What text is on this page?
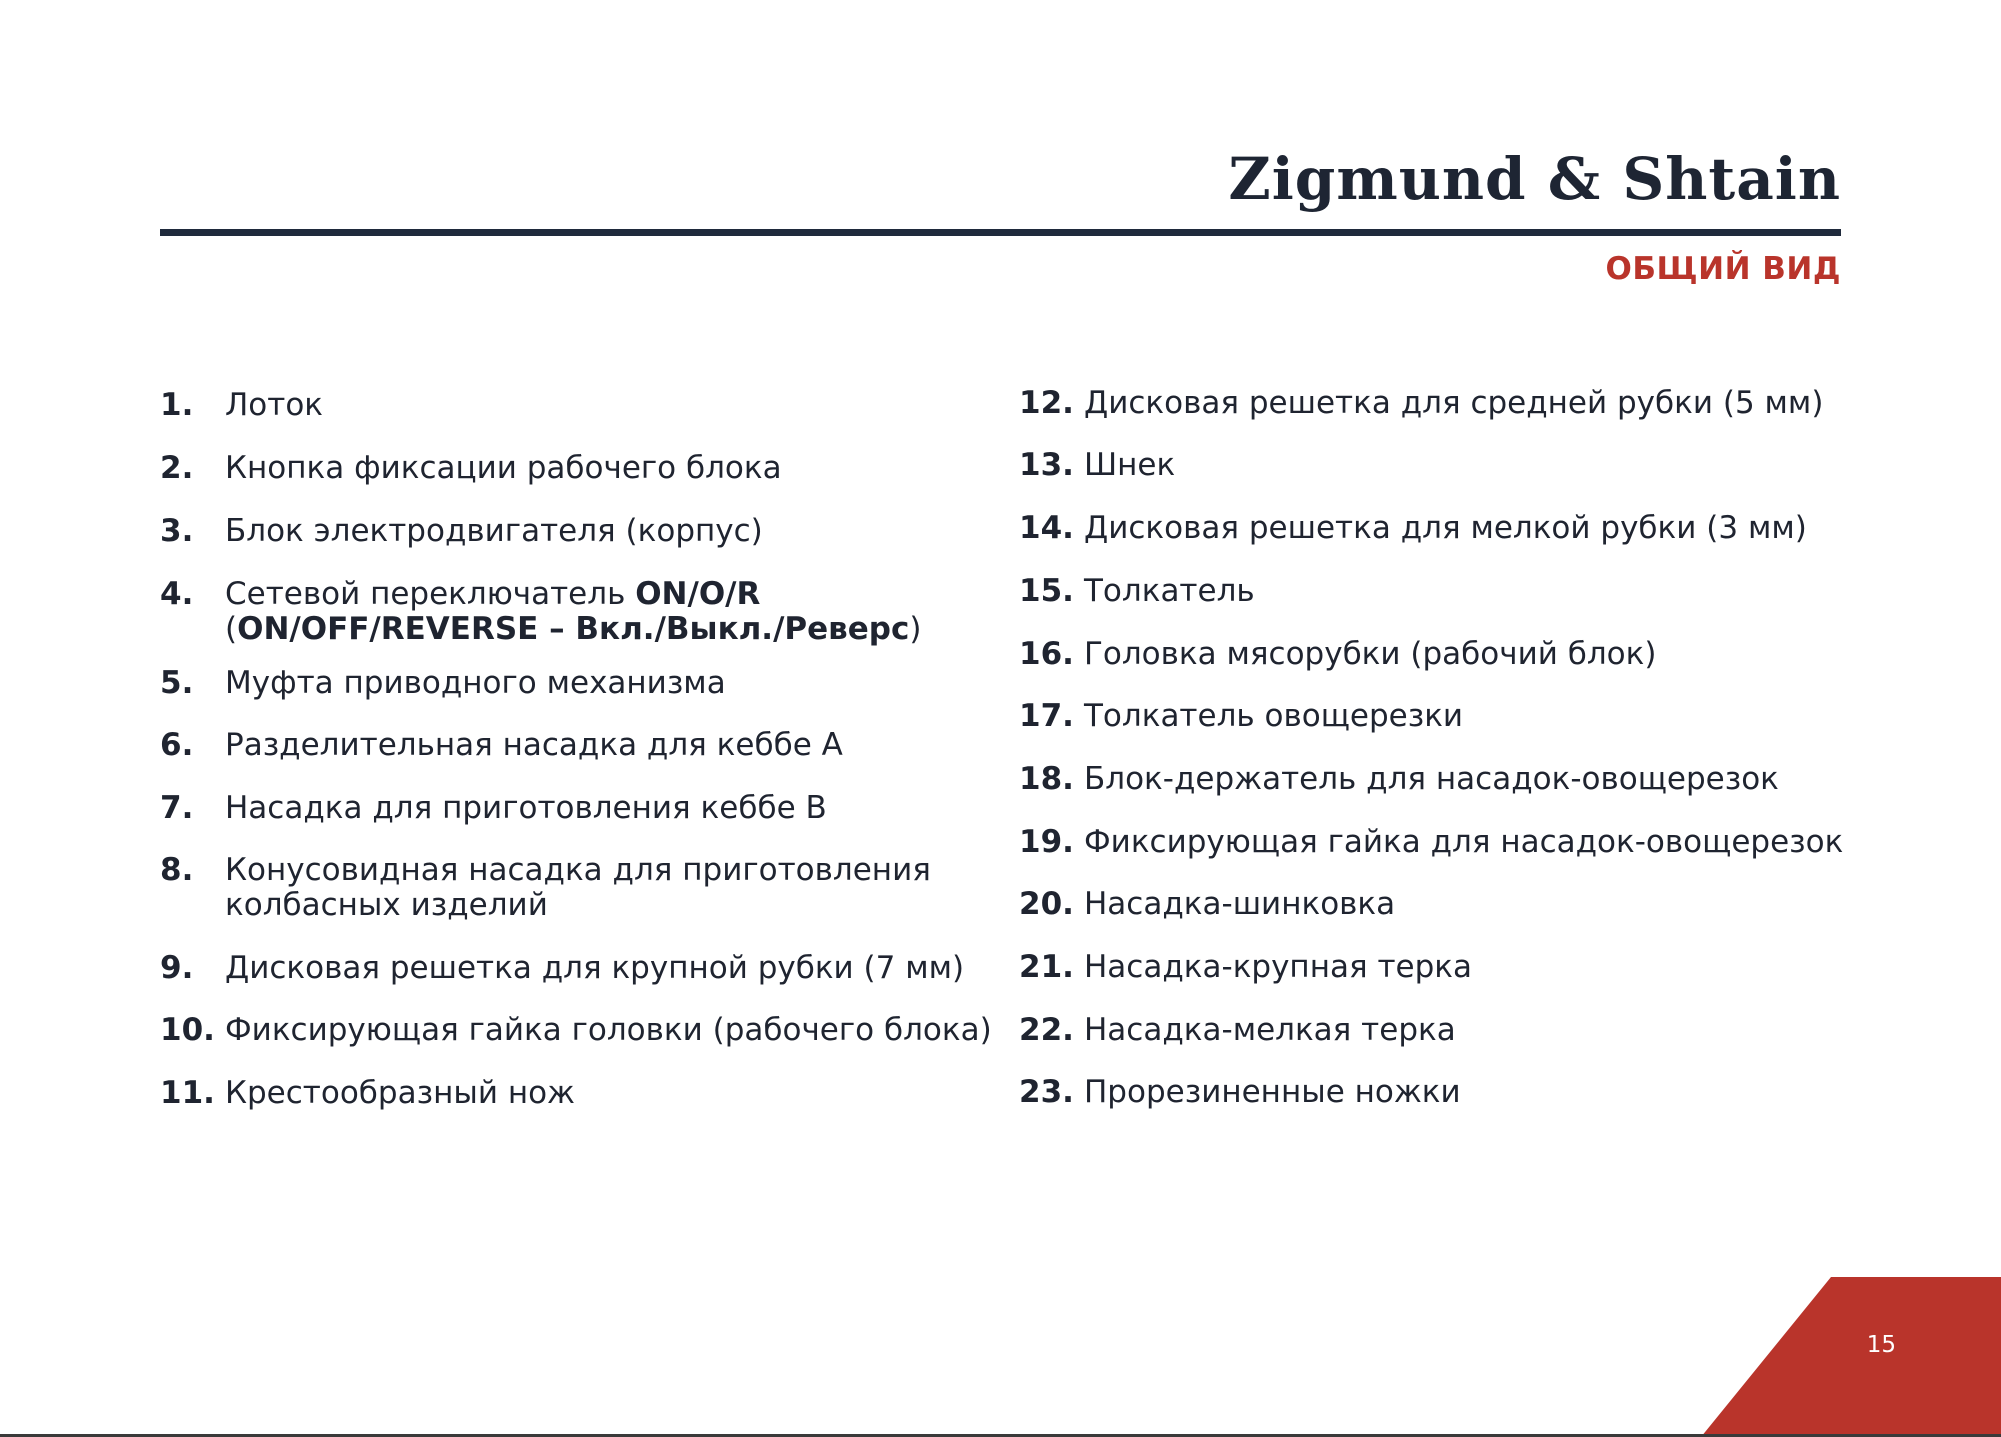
Zigmund & Shtain
ОБЩИЙ ВИД
1.	Лоток
2.	Кнопка фиксации рабочего блока
3.	Блок электродвигателя (корпус)
4.	Сетевой переключатель ON/O/R
(ON/OFF/REVERSE – Вкл./Выкл./Реверс)
5.	Муфта приводного механизма
6.	Разделительная насадка для кеббе А
7.	Насадка для приготовления кеббе В
8.	Конусовидная насадка для приготовления
колбасных изделий
9.	Дисковая решетка для крупной рубки (7 мм)
10. Фиксирующая гайка головки (рабочего блока)
11. Крестообразный нож
12. Дисковая решетка для средней рубки (5 мм)
13. Шнек
14. Дисковая решетка для мелкой рубки (3 мм)
15. Толкатель
16. Головка мясорубки (рабочий блок)
17. Толкатель овощерезки
18. Блок-держатель для насадок-овощерезок
19. Фиксирующая гайка для насадок-овощерезок
20. Насадка-шинковка
21. Насадка-крупная терка
22. Насадка-мелкая терка
23. Прорезиненные ножки
15
